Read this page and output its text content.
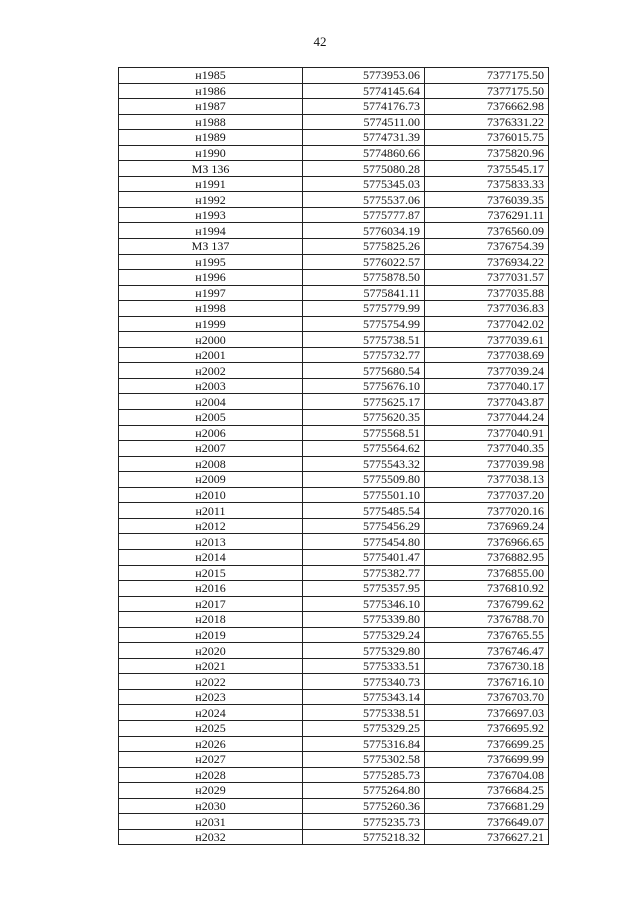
42
н1985	5773953.06	7377175.50
н1986	5774145.64	7377175.50
н1987	5774176.73	7376662.98
н1988	5774511.00	7376331.22
н1989	5774731.39	7376015.75
н1990	5774860.66	7375820.96
МЗ 136	5775080.28	7375545.17
н1991	5775345.03	7375833.33
н1992	5775537.06	7376039.35
н1993	5775777.87	7376291.11
н1994	5776034.19	7376560.09
МЗ 137	5775825.26	7376754.39
н1995	5776022.57	7376934.22
н1996	5775878.50	7377031.57
н1997	5775841.11	7377035.88
н1998	5775779.99	7377036.83
н1999	5775754.99	7377042.02
н2000	5775738.51	7377039.61
н2001	5775732.77	7377038.69
н2002	5775680.54	7377039.24
н2003	5775676.10	7377040.17
н2004	5775625.17	7377043.87
н2005	5775620.35	7377044.24
н2006	5775568.51	7377040.91
н2007	5775564.62	7377040.35
н2008	5775543.32	7377039.98
н2009	5775509.80	7377038.13
н2010	5775501.10	7377037.20
н2011	5775485.54	7377020.16
н2012	5775456.29	7376969.24
н2013	5775454.80	7376966.65
н2014	5775401.47	7376882.95
н2015	5775382.77	7376855.00
н2016	5775357.95	7376810.92
н2017	5775346.10	7376799.62
н2018	5775339.80	7376788.70
н2019	5775329.24	7376765.55
н2020	5775329.80	7376746.47
н2021	5775333.51	7376730.18
н2022	5775340.73	7376716.10
н2023	5775343.14	7376703.70
н2024	5775338.51	7376697.03
н2025	5775329.25	7376695.92
н2026	5775316.84	7376699.25
н2027	5775302.58	7376699.99
н2028	5775285.73	7376704.08
н2029	5775264.80	7376684.25
н2030	5775260.36	7376681.29
н2031	5775235.73	7376649.07
н2032	5775218.32	7376627.21
